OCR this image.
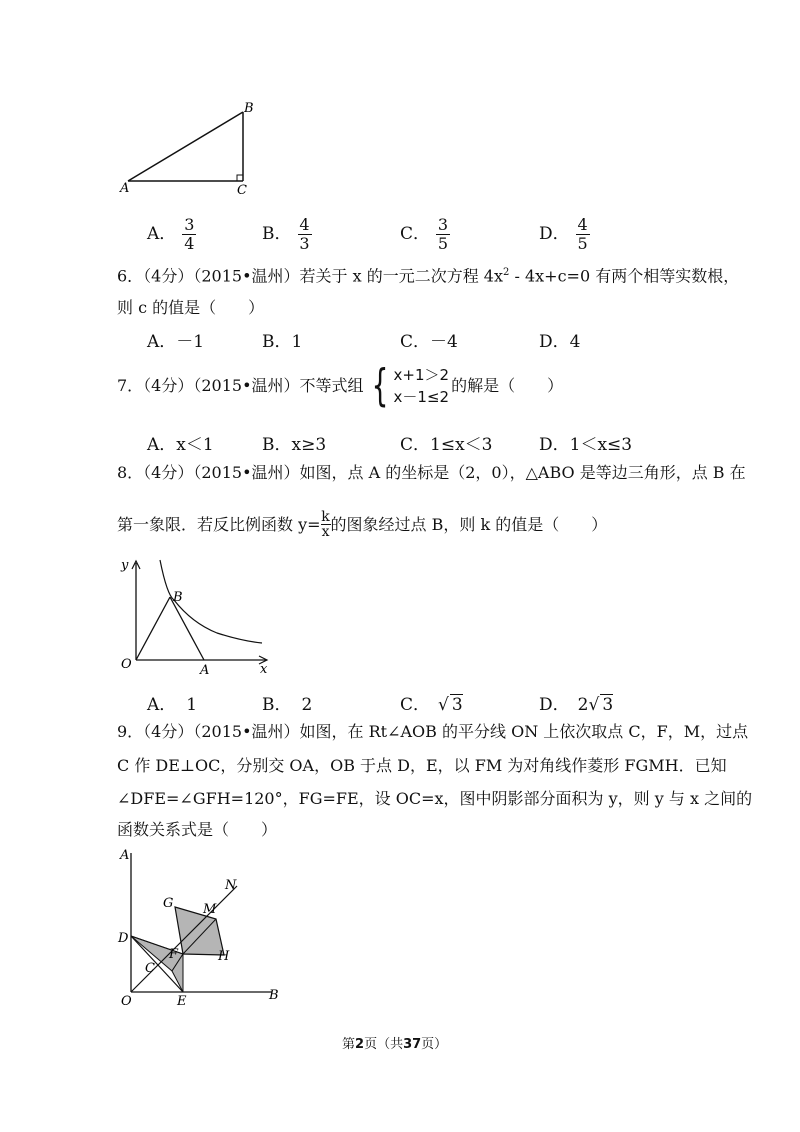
A
B
C
A． $\frac{3}{4}$	B． $\frac{4}{3}$	C． $\frac{3}{5}$	D． $\frac{4}{5}$
6．（4分）（2015•温州）若关于 x 的一元二次方程 $4x^2 - 4x+c=0$ 有两个相等实数根，
则 c 的值是（　　）
A．－1	B．1	C．－4	D．4
7．（4分）（2015•温州）不等式组 { x+1＞2
x－1≤2
的解是（　　）
A．x＜1	B．x≥3	C．1≤x＜3	D．1＜x≤3
8．（4分）（2015•温州）如图，点 A 的坐标是（2，0），△ABO 是等边三角形，点 B 在
第一象限．若反比例函数 $y= \frac{k}{x}$ 的图象经过点 B，则 k 的值是（　　）
y
x
O	A
B
A． 1	B． 2	C． √ 3	D． 2√ 3
9．（4分）（2015•温州）如图，在 Rt∠AOB 的平分线 ON 上依次取点 C，F，M，过点
C 作 DE⊥OC，分别交 OA，OB 于点 D，E，以 FM 为对角线作菱形 FGMH．已知
∠DFE=∠GFH=120°，FG=FE，设 OC=x，图中阴影部分面积为 y，则 y 与 x 之间的
函数关系式是（　　）
A
D
O	E	B
C
F
G M
H
N
第2页（共37页）
